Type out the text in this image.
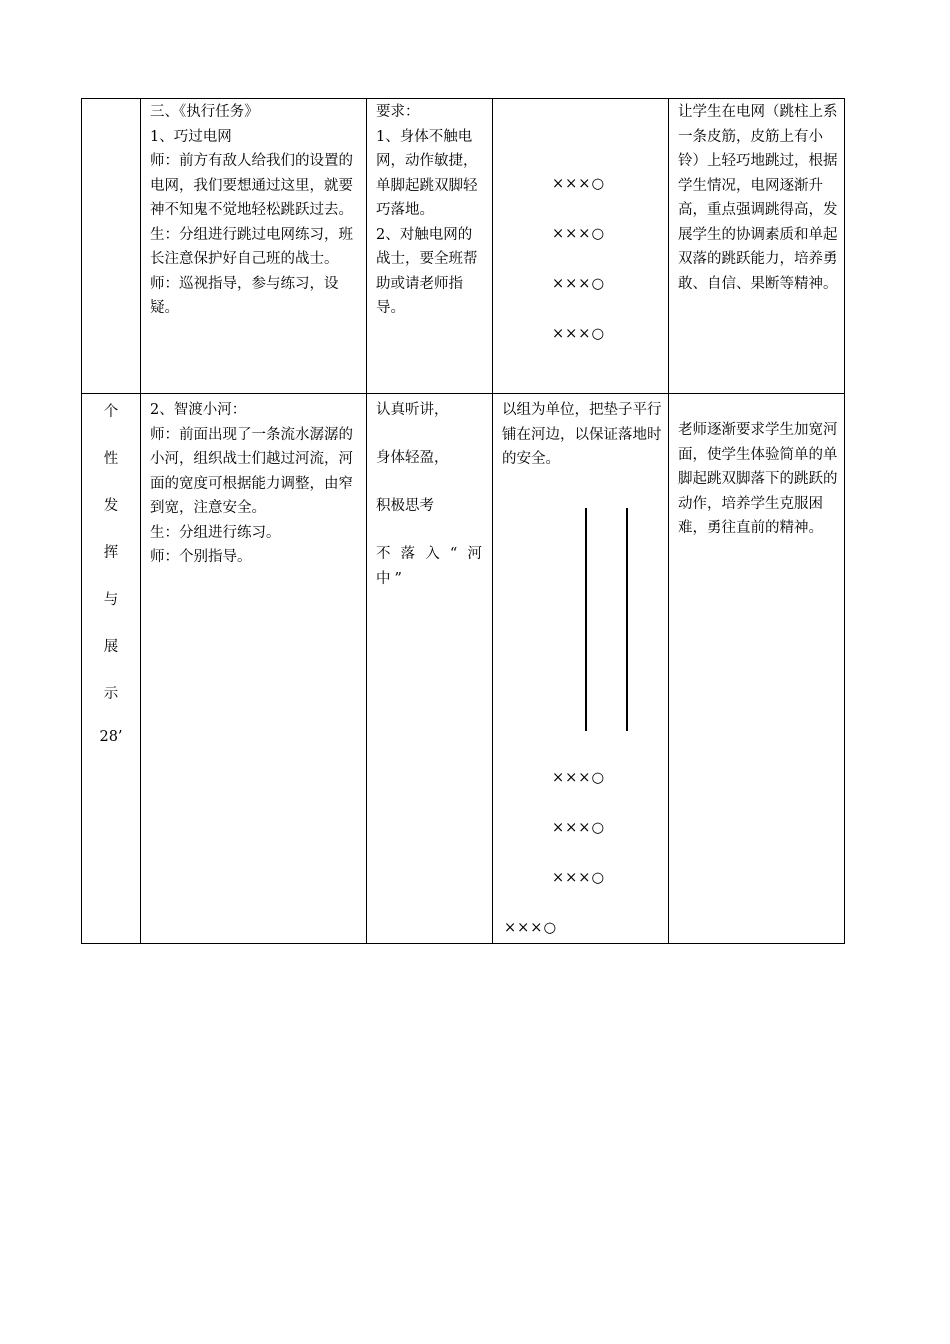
三、《执行任务》
1、巧过电网
师：前方有敌人给我们的设置的电网，我们要想通过这里，就要神不知鬼不觉地轻松跳跃过去。
生：分组进行跳过电网练习，班长注意保护好自己班的战士。
师：巡视指导，参与练习，设疑。
要求：
1、身体不触电网，动作敏捷，单脚起跳双脚轻巧落地。
2、对触电网的战士，要全班帮助或请老师指导。
×××○
×××○
×××○
×××○
让学生在电网（跳柱上系一条皮筋，皮筋上有小铃）上轻巧地跳过，根据学生情况，电网逐渐升高，重点强调跳得高，发展学生的协调素质和单起双落的跳跃能力，培养勇敢、自信、果断等精神。
个
性
发
挥
与
展
示
28’
2、智渡小河：
师：前面出现了一条流水潺潺的小河，组织战士们越过河流，河面的宽度可根据能力调整，由窄到宽，注意安全。
生：分组进行练习。
师：个别指导。
认真听讲，
身体轻盈，
积极思考
不落入“河中”
以组为单位，把垫子平行铺在河边，以保证落地时的安全。
×××○
×××○
×××○
×××○
老师逐渐要求学生加宽河面，使学生体验简单的单脚起跳双脚落下的跳跃的动作，培养学生克服困难，勇往直前的精神。
